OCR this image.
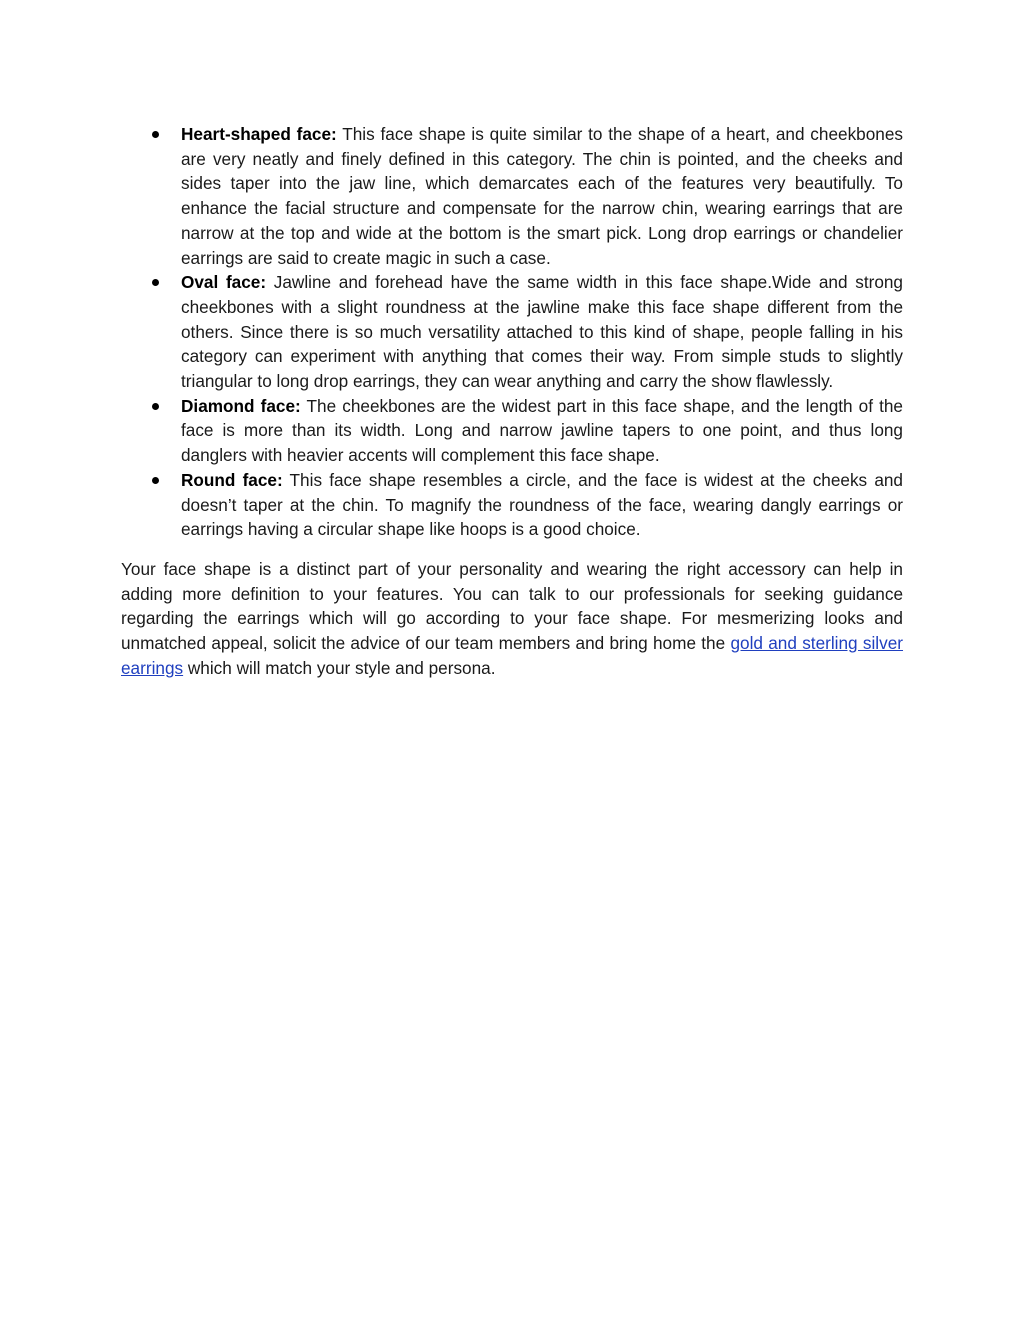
Heart-shaped face: This face shape is quite similar to the shape of a heart, and cheekbones are very neatly and finely defined in this category. The chin is pointed, and the cheeks and sides taper into the jaw line, which demarcates each of the features very beautifully. To enhance the facial structure and compensate for the narrow chin, wearing earrings that are narrow at the top and wide at the bottom is the smart pick. Long drop earrings or chandelier earrings are said to create magic in such a case.
Oval face: Jawline and forehead have the same width in this face shape.Wide and strong cheekbones with a slight roundness at the jawline make this face shape different from the others. Since there is so much versatility attached to this kind of shape, people falling in his category can experiment with anything that comes their way. From simple studs to slightly triangular to long drop earrings, they can wear anything and carry the show flawlessly.
Diamond face: The cheekbones are the widest part in this face shape, and the length of the face is more than its width. Long and narrow jawline tapers to one point, and thus long danglers with heavier accents will complement this face shape.
Round face: This face shape resembles a circle, and the face is widest at the cheeks and doesn’t taper at the chin. To magnify the roundness of the face, wearing dangly earrings or earrings having a circular shape like hoops is a good choice.

Your face shape is a distinct part of your personality and wearing the right accessory can help in adding more definition to your features. You can talk to our professionals for seeking guidance regarding the earrings which will go according to your face shape. For mesmerizing looks and unmatched appeal, solicit the advice of our team members and bring home the gold and sterling silver earrings which will match your style and persona.
